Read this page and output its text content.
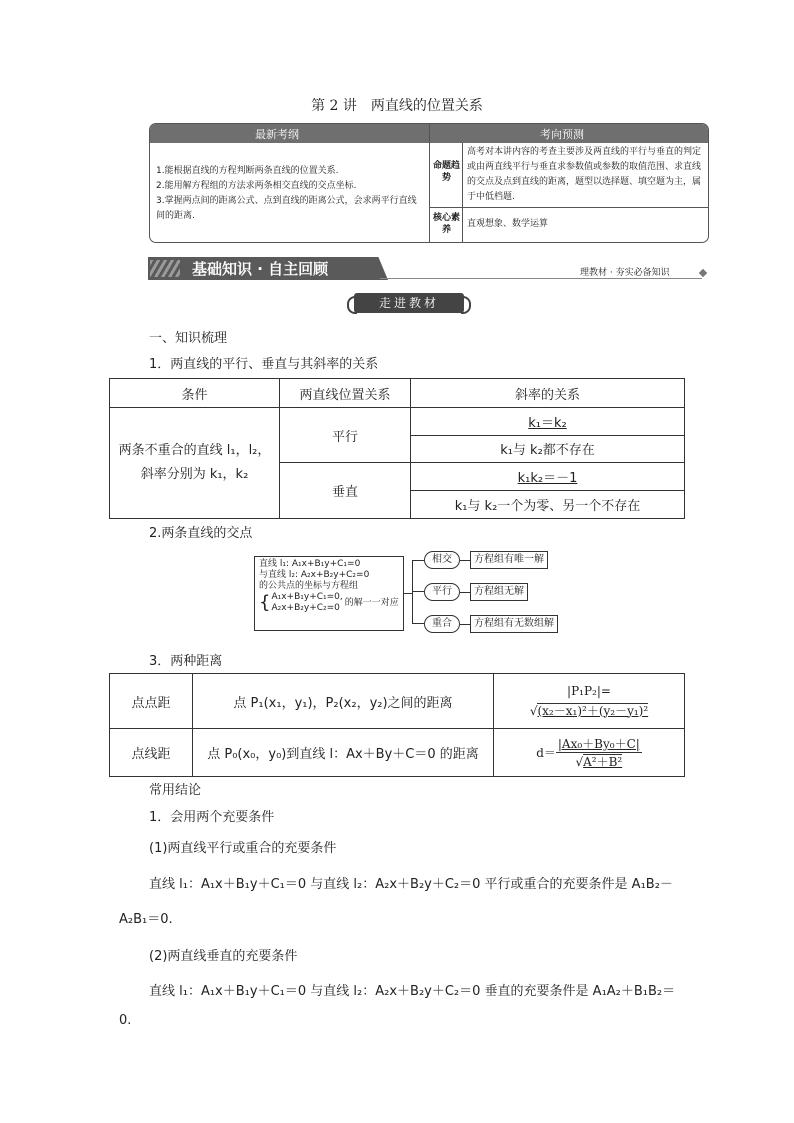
第 2 讲　两直线的位置关系
最新考纲	考向预测
1.能根据直线的方程判断两条直线的位置关系.
2.能用解方程组的方法求两条相交直线的交点坐标.
3.掌握两点间的距离公式、点到直线的距离公式，会求两平行直线间的距离.
命题趋势
高考对本讲内容的考查主要涉及两直线的平行与垂直的判定或由两直线平行与垂直求参数值或参数的取值范围、求直线的交点及点到直线的距离，题型以选择题、填空题为主，属于中低档题.
核心素养
直观想象、数学运算
基础知识 · 自主回顾	理教材 · 夯实必备知识
走进教材
一、知识梳理
1．两直线的平行、垂直与其斜率的关系
条件	两直线位置关系	斜率的关系
两条不重合的直线 l₁，l₂，斜率分别为 k₁，k₂	平行	k₁＝k₂
		k₁与 k₂都不存在
	垂直	k₁k₂＝－1
		k₁与 k₂一个为零、另一个不存在
2.两条直线的交点
直线 l₁: A₁x+B₁y+C₁=0
与直线 l₂: A₂x+B₂y+C₂=0
的公共点的坐标与方程组
{ A₁x+B₁y+C₁=0,
A₂x+B₂y+C₂=0
的解一一对应
相交
平行
重合
方程组有唯一解
方程组无解
方程组有无数组解
3．两种距离
点点距	点 P₁(x₁，y₁)，P₂(x₂，y₂)之间的距离	|P₁P₂|=
√(x₂－x₁)²＋(y₂－y₁)²
点线距	点 P₀(x₀，y₀)到直线 l：Ax＋By＋C＝0 的距离	d＝
|Ax₀＋By₀＋C|
√A²＋B²
常用结论
1．会用两个充要条件
(1)两直线平行或重合的充要条件
直线 l₁：A₁x＋B₁y＋C₁＝0 与直线 l₂：A₂x＋B₂y＋C₂＝0 平行或重合的充要条件是 A₁B₂－
A₂B₁＝0.
(2)两直线垂直的充要条件
直线 l₁：A₁x＋B₁y＋C₁＝0 与直线 l₂：A₂x＋B₂y＋C₂＝0 垂直的充要条件是 A₁A₂＋B₁B₂＝
0.
